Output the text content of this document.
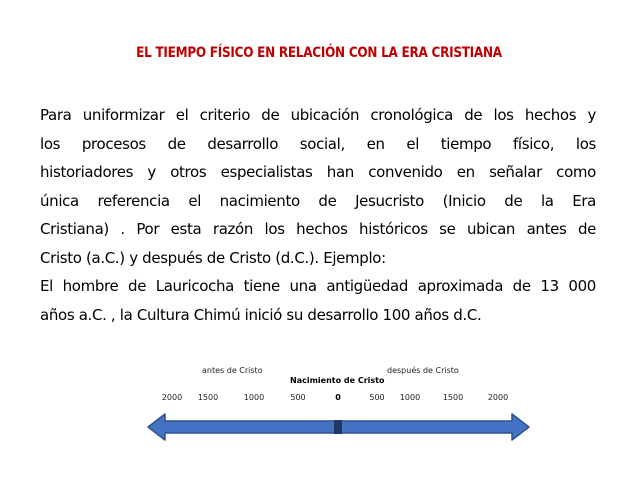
EL TIEMPO FÍSICO EN RELACIÓN CON LA ERA CRISTIANA

Para uniformizar el criterio de ubicación cronológica de los hechos y

los procesos de desarrollo social, en el tiempo físico, los

historiadores y otros especialistas han convenido en señalar como

única referencia el nacimiento de Jesucristo (Inicio de la Era

Cristiana) . Por esta razón los hechos históricos se ubican antes de

Cristo (a.C.) y después de Cristo (d.C.). Ejemplo:

El hombre de Lauricocha tiene una antigüedad aproximada de 13 000

años a.C. , la Cultura Chimú inició su desarrollo 100 años d.C.

antes de Cristo
Nacimiento de Cristo
después de Cristo
2000 1500	1000	500	0	500 1000	1500	2000
